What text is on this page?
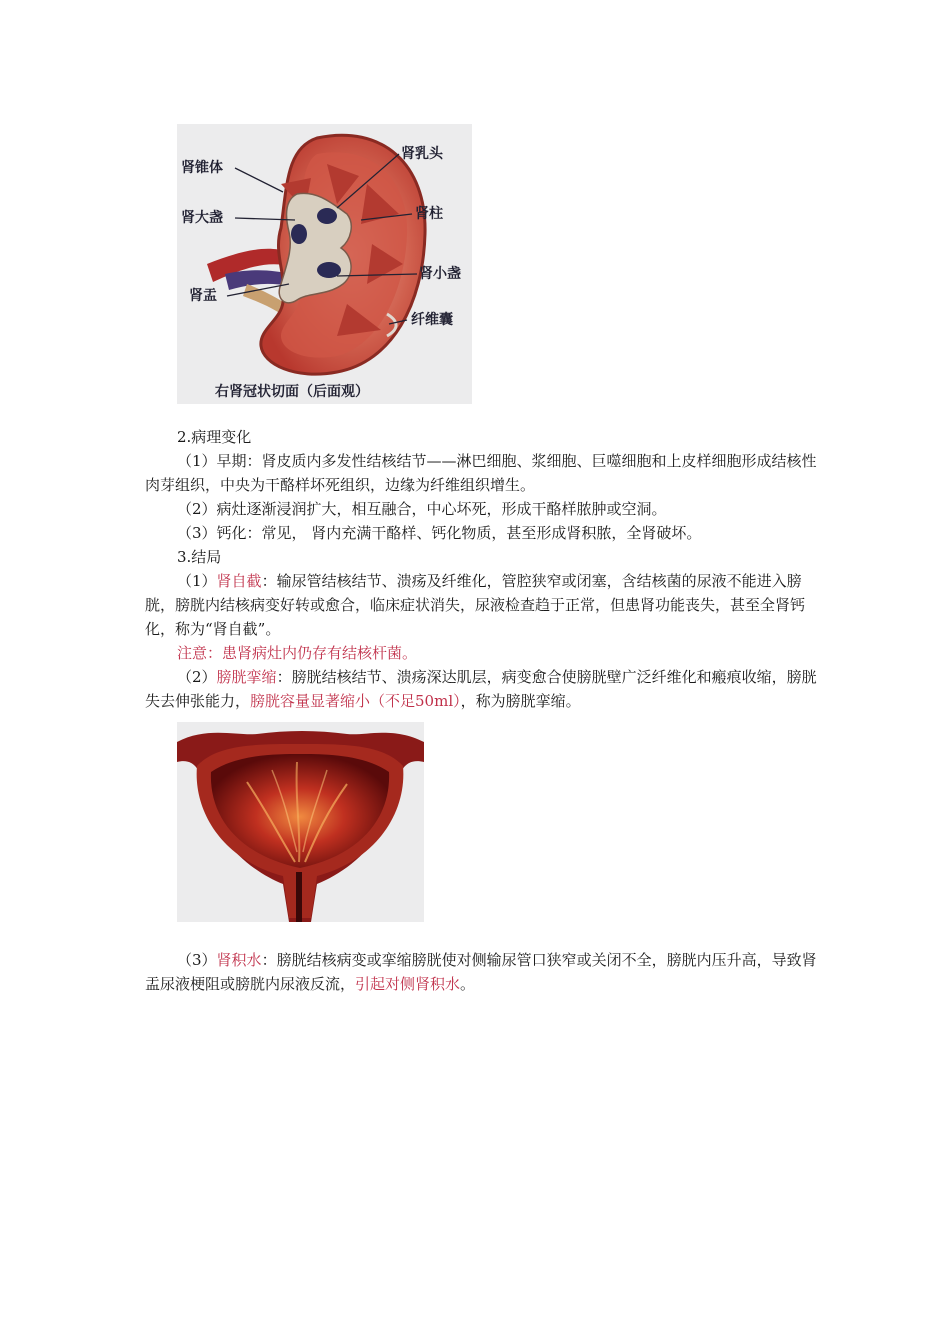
肾锥体
肾乳头
肾大盏	肾柱
肾小盏
肾盂
纤维囊
右肾冠状切面（后面观）

2.病理变化

（1）早期：肾皮质内多发性结核结节——淋巴细胞、浆细胞、巨噬细胞和上皮样细胞形成结核性肉芽组织，中央为干酪样坏死组织，边缘为纤维组织增生。

（2）病灶逐渐浸润扩大，相互融合，中心坏死，形成干酪样脓肿或空洞。

（3）钙化：常见， 肾内充满干酪样、钙化物质，甚至形成肾积脓，全肾破坏。

3.结局

（1）肾自截：输尿管结核结节、溃疡及纤维化，管腔狭窄或闭塞，含结核菌的尿液不能进入膀胱，膀胱内结核病变好转或愈合，临床症状消失，尿液检查趋于正常，但患肾功能丧失，甚至全肾钙化，称为“肾自截”。

注意：患肾病灶内仍存有结核杆菌。

（2）膀胱挛缩：膀胱结核结节、溃疡深达肌层，病变愈合使膀胱壁广泛纤维化和瘢痕收缩，膀胱失去伸张能力，膀胱容量显著缩小（不足50ml），称为膀胱挛缩。

（3）肾积水：膀胱结核病变或挛缩膀胱使对侧输尿管口狭窄或关闭不全，膀胱内压升高，导致肾盂尿液梗阻或膀胱内尿液反流，引起对侧肾积水。
